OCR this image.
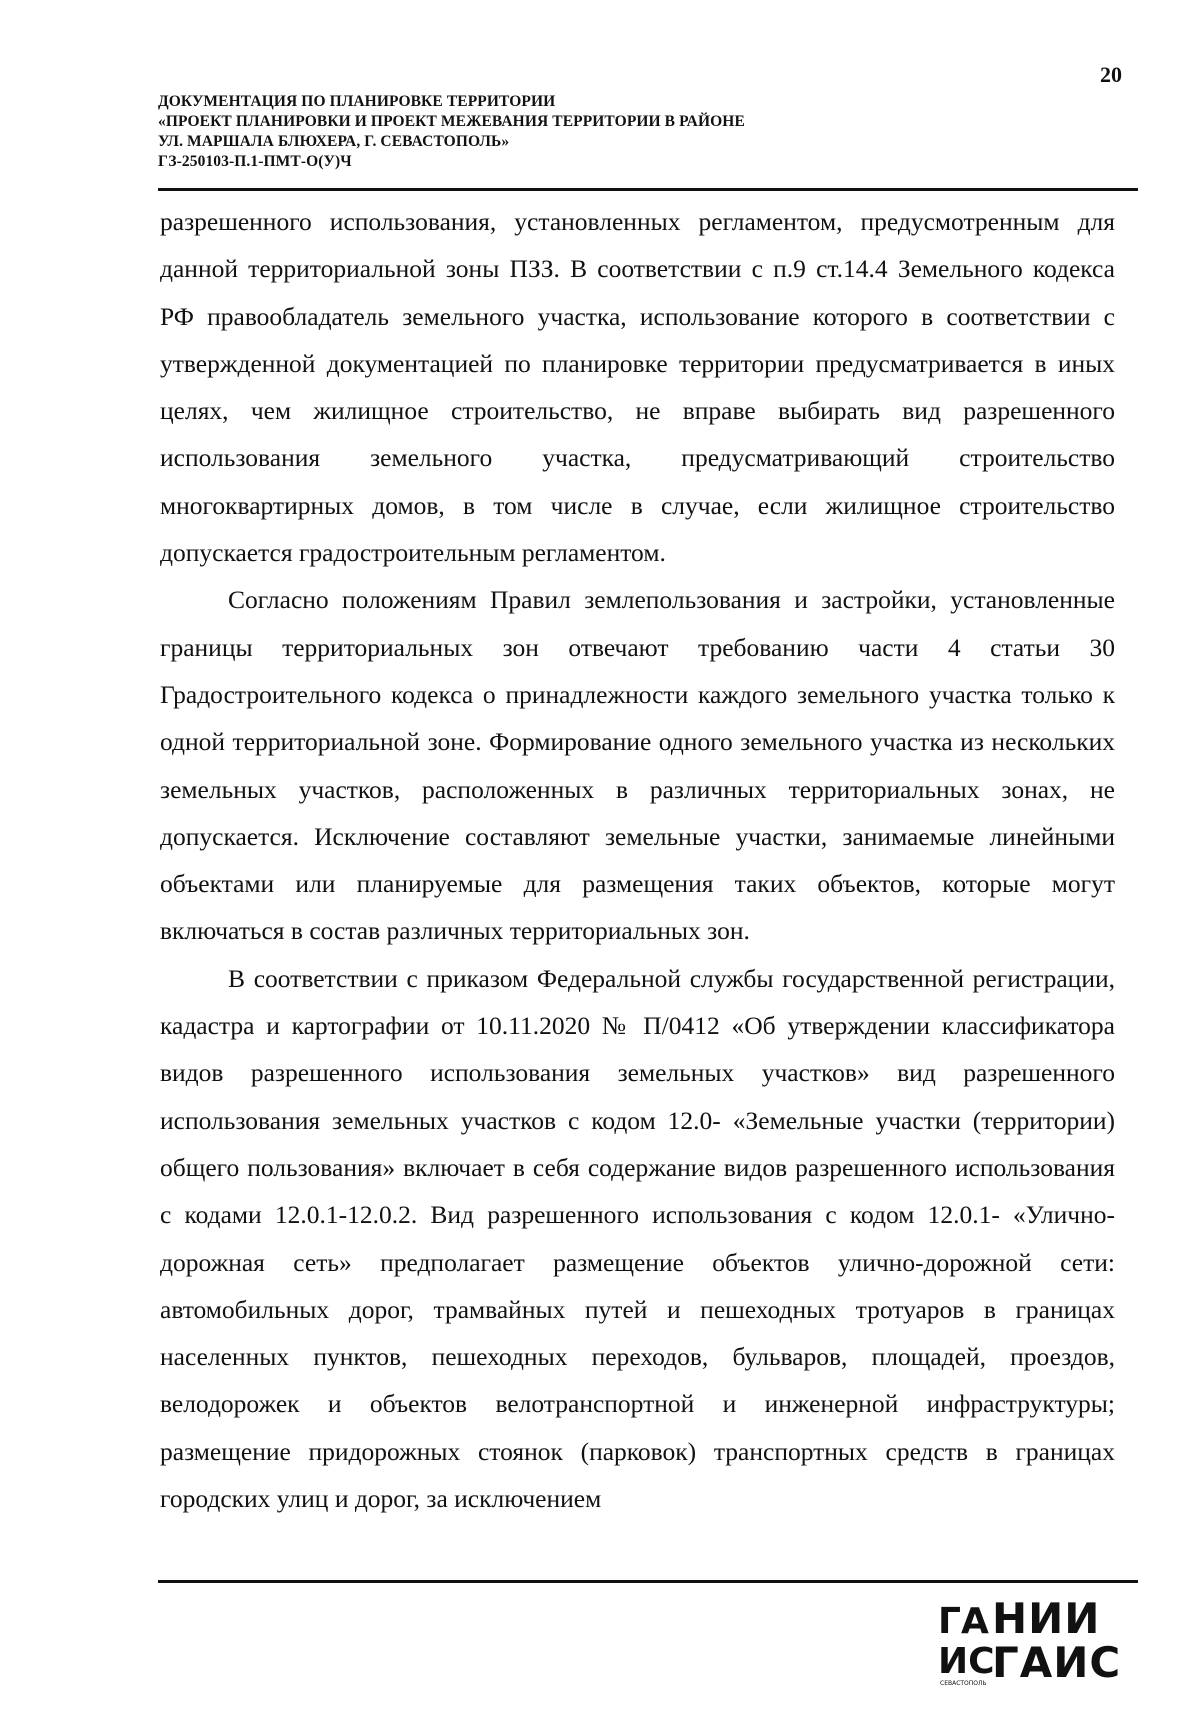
20
ДОКУМЕНТАЦИЯ ПО ПЛАНИРОВКЕ ТЕРРИТОРИИ
«ПРОЕКТ ПЛАНИРОВКИ И ПРОЕКТ МЕЖЕВАНИЯ ТЕРРИТОРИИ В РАЙОНЕ
УЛ. МАРШАЛА БЛЮХЕРА, Г. СЕВАСТОПОЛЬ»
ГЗ-250103-П.1-ПМТ-О(У)Ч

разрешенного использования, установленных регламентом, предусмотренным для данной территориальной зоны ПЗЗ. В соответствии с п.9 ст.14.4 Земельного кодекса РФ правообладатель земельного участка, использование которого в соответствии с утвержденной документацией по планировке территории предусматривается в иных целях, чем жилищное строительство, не вправе выбирать вид разрешенного использования земельного участка, предусматривающий строительство многоквартирных домов, в том числе в случае, если жилищное строительство допускается градостроительным регламентом.

Согласно положениям Правил землепользования и застройки, установленные границы территориальных зон отвечают требованию части 4 статьи 30 Градостроительного кодекса о принадлежности каждого земельного участка только к одной территориальной зоне. Формирование одного земельного участка из нескольких земельных участков, расположенных в различных территориальных зонах, не допускается. Исключение составляют земельные участки, занимаемые линейными объектами или планируемые для размещения таких объектов, которые могут включаться в состав различных территориальных зон.

В соответствии с приказом Федеральной службы государственной регистрации, кадастра и картографии от 10.11.2020 № П/0412 «Об утверждении классификатора видов разрешенного использования земельных участков» вид разрешенного использования земельных участков с кодом 12.0- «Земельные участки (территории) общего пользования» включает в себя содержание видов разрешенного использования с кодами 12.0.1-12.0.2. Вид разрешенного использования с кодом 12.0.1- «Улично-дорожная сеть» предполагает размещение объектов улично-дорожной сети: автомобильных дорог, трамвайных путей и пешеходных тротуаров в границах населенных пунктов, пешеходных переходов, бульваров, площадей, проездов, велодорожек и объектов велотранспортной и инженерной инфраструктуры; размещение придорожных стоянок (парковок) транспортных средств в границах городских улиц и дорог, за исключением

ГА
ИС
СЕВАСТОПОЛЬ
НИИ
ГАИС
